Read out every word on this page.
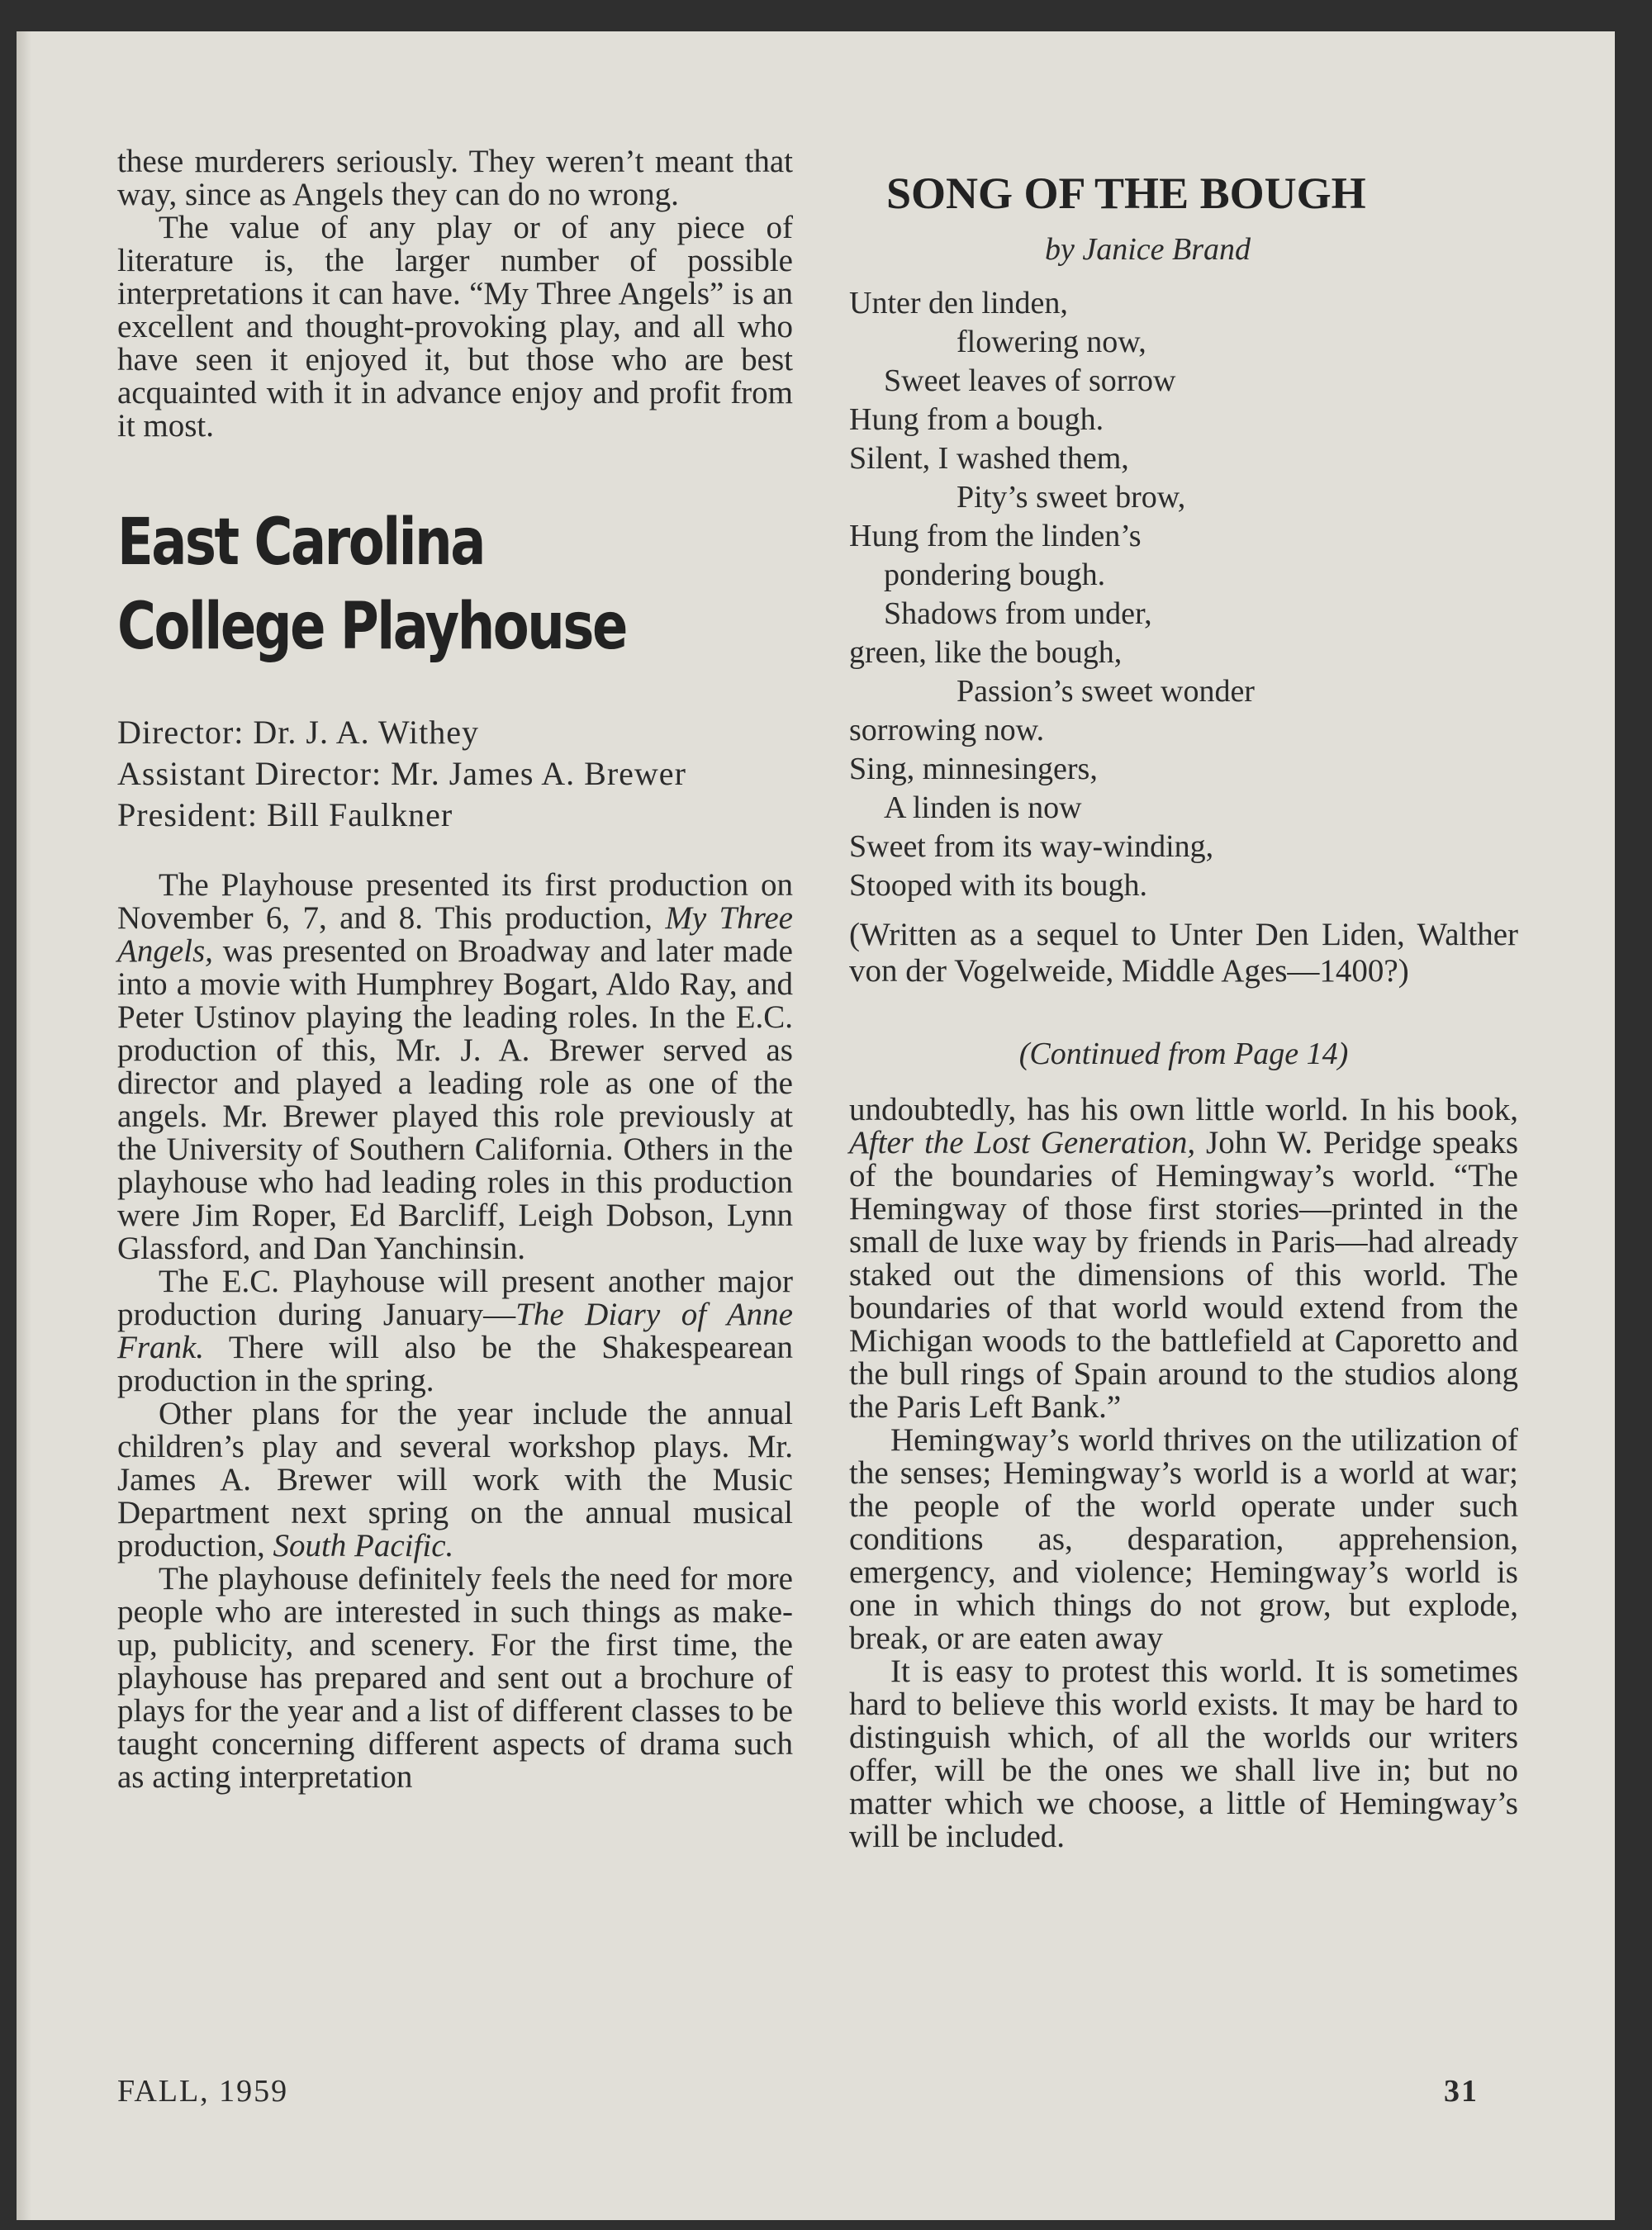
these murderers seriously. They weren’t meant that way, since as Angels they can do no wrong.

The value of any play or of any piece of literature is, the larger number of possible interpretations it can have. “My Three Angels” is an excellent and thought-provoking play, and all who have seen it enjoyed it, but those who are best acquainted with it in advance enjoy and profit from it most.

East Carolina
College Playhouse
Director: Dr. J. A. Withey
Assistant Director: Mr. James A. Brewer
President: Bill Faulkner

The Playhouse presented its first production on November 6, 7, and 8. This production, My Three Angels, was presented on Broadway and later made into a movie with Humphrey Bogart, Aldo Ray, and Peter Ustinov playing the leading roles. In the E.C. production of this, Mr. J. A. Brewer served as director and played a leading role as one of the angels. Mr. Brewer played this role previously at the University of Southern California. Others in the playhouse who had leading roles in this production were Jim Roper, Ed Barcliff, Leigh Dobson, Lynn Glassford, and Dan Yanchinsin.

The E.C. Playhouse will present another major production during January—The Diary of Anne Frank. There will also be the Shakespearean production in the spring.

Other plans for the year include the annual children’s play and several workshop plays. Mr. James A. Brewer will work with the Music Department next spring on the annual musical production, South Pacific.

The playhouse definitely feels the need for more people who are interested in such things as make-up, publicity, and scenery. For the first time, the playhouse has prepared and sent out a brochure of plays for the year and a list of different classes to be taught concerning different aspects of drama such as acting interpretation

SONG OF THE BOUGH
by Janice Brand
Unter den linden,
flowering now,
Sweet leaves of sorrow
Hung from a bough.
Silent, I washed them,
Pity’s sweet brow,
Hung from the linden’s
pondering bough.
Shadows from under,
green, like the bough,
Passion’s sweet wonder
sorrowing now.
Sing, minnesingers,
A linden is now
Sweet from its way-winding,
Stooped with its bough.

(Written as a sequel to Unter Den Liden, Walther von der Vogelweide, Middle Ages—1400?)

(Continued from Page 14)

undoubtedly, has his own little world. In his book, After the Lost Generation, John W. Peridge speaks of the boundaries of Hemingway’s world. “The Hemingway of those first stories—printed in the small de luxe way by friends in Paris—had already staked out the dimensions of this world. The boundaries of that world would extend from the Michigan woods to the battlefield at Caporetto and the bull rings of Spain around to the studios along the Paris Left Bank.”

Hemingway’s world thrives on the utilization of the senses; Hemingway’s world is a world at war; the people of the world operate under such conditions as, desparation, apprehension, emergency, and violence; Hemingway’s world is one in which things do not grow, but explode, break, or are eaten away

It is easy to protest this world. It is sometimes hard to believe this world exists. It may be hard to distinguish which, of all the worlds our writers offer, will be the ones we shall live in; but no matter which we choose, a little of Hemingway’s will be included.

FALL, 1959	31
